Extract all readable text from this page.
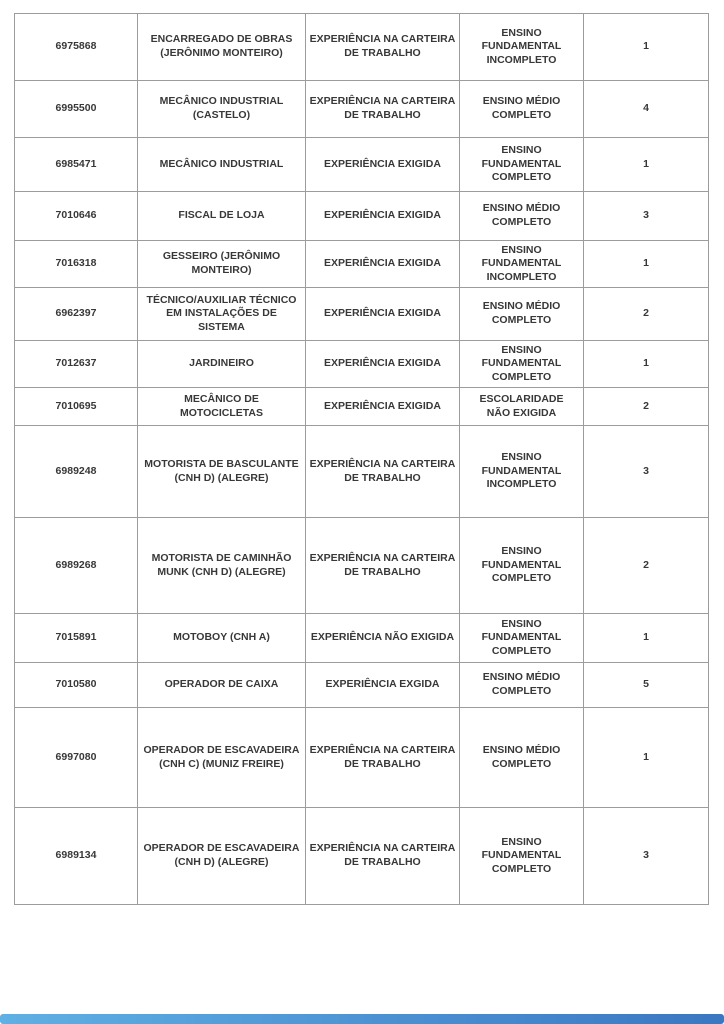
6975868	ENCARREGADO DE OBRAS (JERÔNIMO MONTEIRO)	EXPERIÊNCIA NA CARTEIRA DE TRABALHO	ENSINO FUNDAMENTAL INCOMPLETO	1
6995500	MECÂNICO INDUSTRIAL (CASTELO)	EXPERIÊNCIA NA CARTEIRA DE TRABALHO	ENSINO MÉDIO COMPLETO	4
6985471	MECÂNICO INDUSTRIAL	EXPERIÊNCIA EXIGIDA	ENSINO FUNDAMENTAL COMPLETO	1
7010646	FISCAL DE LOJA	EXPERIÊNCIA EXIGIDA	ENSINO MÉDIO COMPLETO	3
7016318	GESSEIRO (JERÔNIMO MONTEIRO)	EXPERIÊNCIA EXIGIDA	ENSINO FUNDAMENTAL INCOMPLETO	1
6962397	TÉCNICO/AUXILIAR TÉCNICO EM INSTALAÇÕES DE SISTEMA	EXPERIÊNCIA EXIGIDA	ENSINO MÉDIO COMPLETO	2
7012637	JARDINEIRO	EXPERIÊNCIA EXIGIDA	ENSINO FUNDAMENTAL COMPLETO	1
7010695	MECÂNICO DE MOTOCICLETAS	EXPERIÊNCIA EXIGIDA	ESCOLARIDADE NÃO EXIGIDA	2
6989248	MOTORISTA DE BASCULANTE (CNH D) (ALEGRE)	EXPERIÊNCIA NA CARTEIRA DE TRABALHO	ENSINO FUNDAMENTAL INCOMPLETO	3
6989268	MOTORISTA DE CAMINHÃO MUNK (CNH D) (ALEGRE)	EXPERIÊNCIA NA CARTEIRA DE TRABALHO	ENSINO FUNDAMENTAL COMPLETO	2
7015891	MOTOBOY (CNH A)	EXPERIÊNCIA NÃO EXIGIDA	ENSINO FUNDAMENTAL COMPLETO	1
7010580	OPERADOR DE CAIXA	EXPERIÊNCIA EXGIDA	ENSINO MÉDIO COMPLETO	5
6997080	OPERADOR DE ESCAVADEIRA (CNH C) (MUNIZ FREIRE)	EXPERIÊNCIA NA CARTEIRA DE TRABALHO	ENSINO MÉDIO COMPLETO	1
6989134	OPERADOR DE ESCAVADEIRA (CNH D) (ALEGRE)	EXPERIÊNCIA NA CARTEIRA DE TRABALHO	ENSINO FUNDAMENTAL COMPLETO	3
